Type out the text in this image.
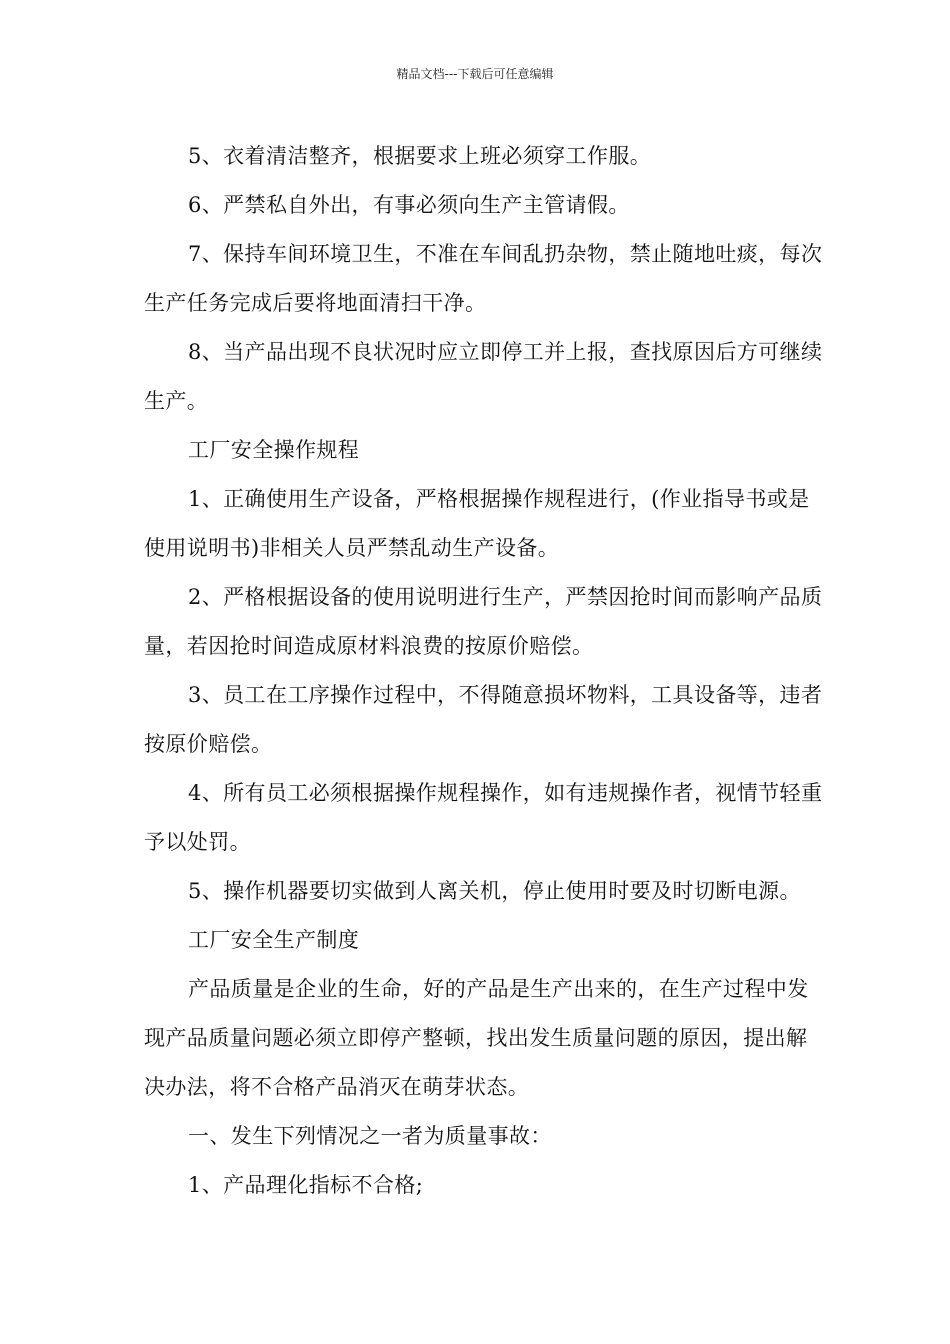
精品文档---下载后可任意编辑

5、衣着清洁整齐，根据要求上班必须穿工作服。

6、严禁私自外出，有事必须向生产主管请假。

7、保持车间环境卫生，不准在车间乱扔杂物，禁止随地吐痰，每次生产任务完成后要将地面清扫干净。

8、当产品出现不良状况时应立即停工并上报，查找原因后方可继续生产。

工厂安全操作规程

1、正确使用生产设备，严格根据操作规程进行，(作业指导书或是使用说明书)非相关人员严禁乱动生产设备。

2、严格根据设备的使用说明进行生产，严禁因抢时间而影响产品质量，若因抢时间造成原材料浪费的按原价赔偿。

3、员工在工序操作过程中，不得随意损坏物料，工具设备等，违者按原价赔偿。

4、所有员工必须根据操作规程操作，如有违规操作者，视情节轻重予以处罚。

5、操作机器要切实做到人离关机，停止使用时要及时切断电源。

工厂安全生产制度

产品质量是企业的生命，好的产品是生产出来的，在生产过程中发现产品质量问题必须立即停产整顿，找出发生质量问题的原因，提出解决办法，将不合格产品消灭在萌芽状态。

一、发生下列情况之一者为质量事故：

1、产品理化指标不合格;
